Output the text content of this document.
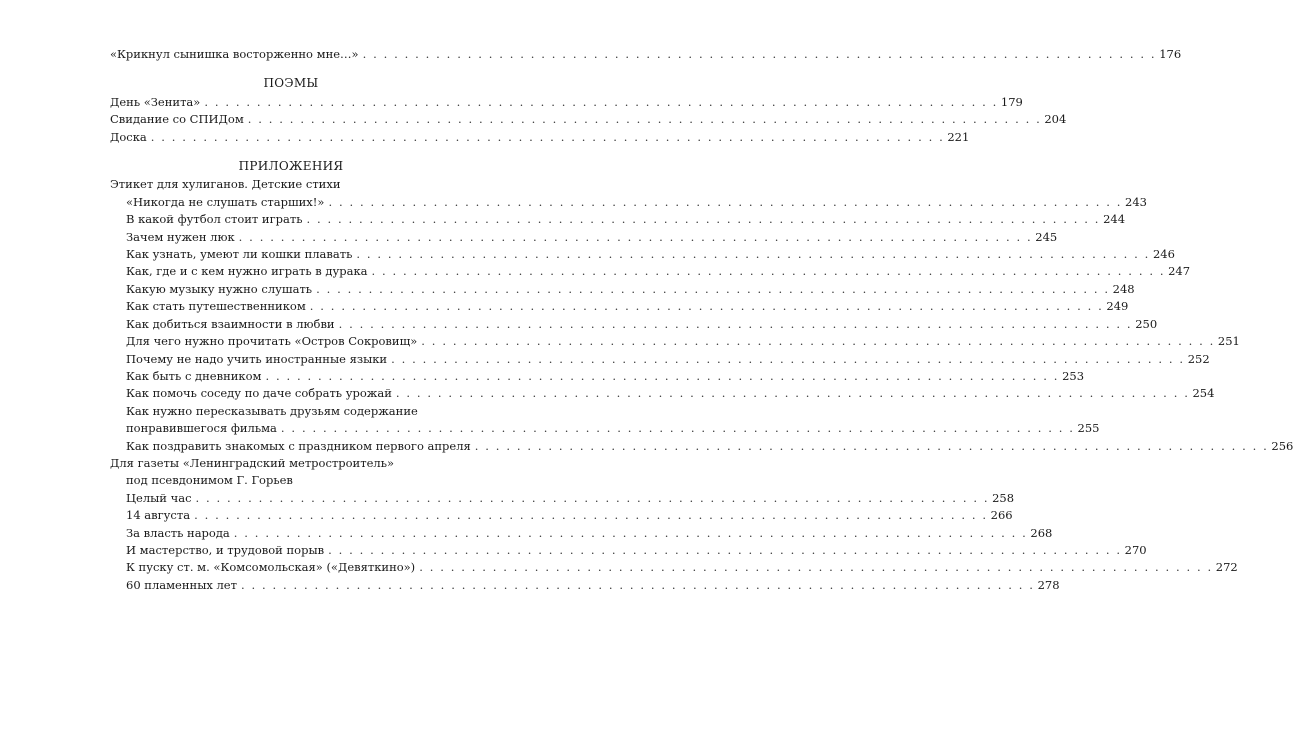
«Крикнул сынишка восторженно мне…» . . .	176
ПОЭМЫ
День «Зенита» . . .	179
Свидание со СПИДом . . .	204
Доска . . .	221
ПРИЛОЖЕНИЯ
Этикет для хулиганов. Детские стихи
«Никогда не слушать старших!» . . .	243
В какой футбол стоит играть . . .	244
Зачем нужен люк . . .	245
Как узнать, умеют ли кошки плавать . . .	246
Как, где и с кем нужно играть в дурака . . .	247
Какую музыку нужно слушать . . .	248
Как стать путешественником . . .	249
Как добиться взаимности в любви . . .	250
Для чего нужно прочитать «Остров Сокровищ» . . .	251
Почему не надо учить иностранные языки . . .	252
Как быть с дневником . . .	253
Как помочь соседу по даче собрать урожай . . .	254
Как нужно пересказывать друзьям содержание
понравившегося фильма . . .	255
Как поздравить знакомых с праздником первого апреля . . .	256
Для газеты «Ленинградский метростроитель»
под псевдонимом Г. Горьев
Целый час . . .	258
14 августа . . .	266
За власть народа . . .	268
И мастерство, и трудовой порыв . . .	270
К пуску ст. м. «Комсомольская» («Девяткино») . . .	272
60 пламенных лет . . .	278
